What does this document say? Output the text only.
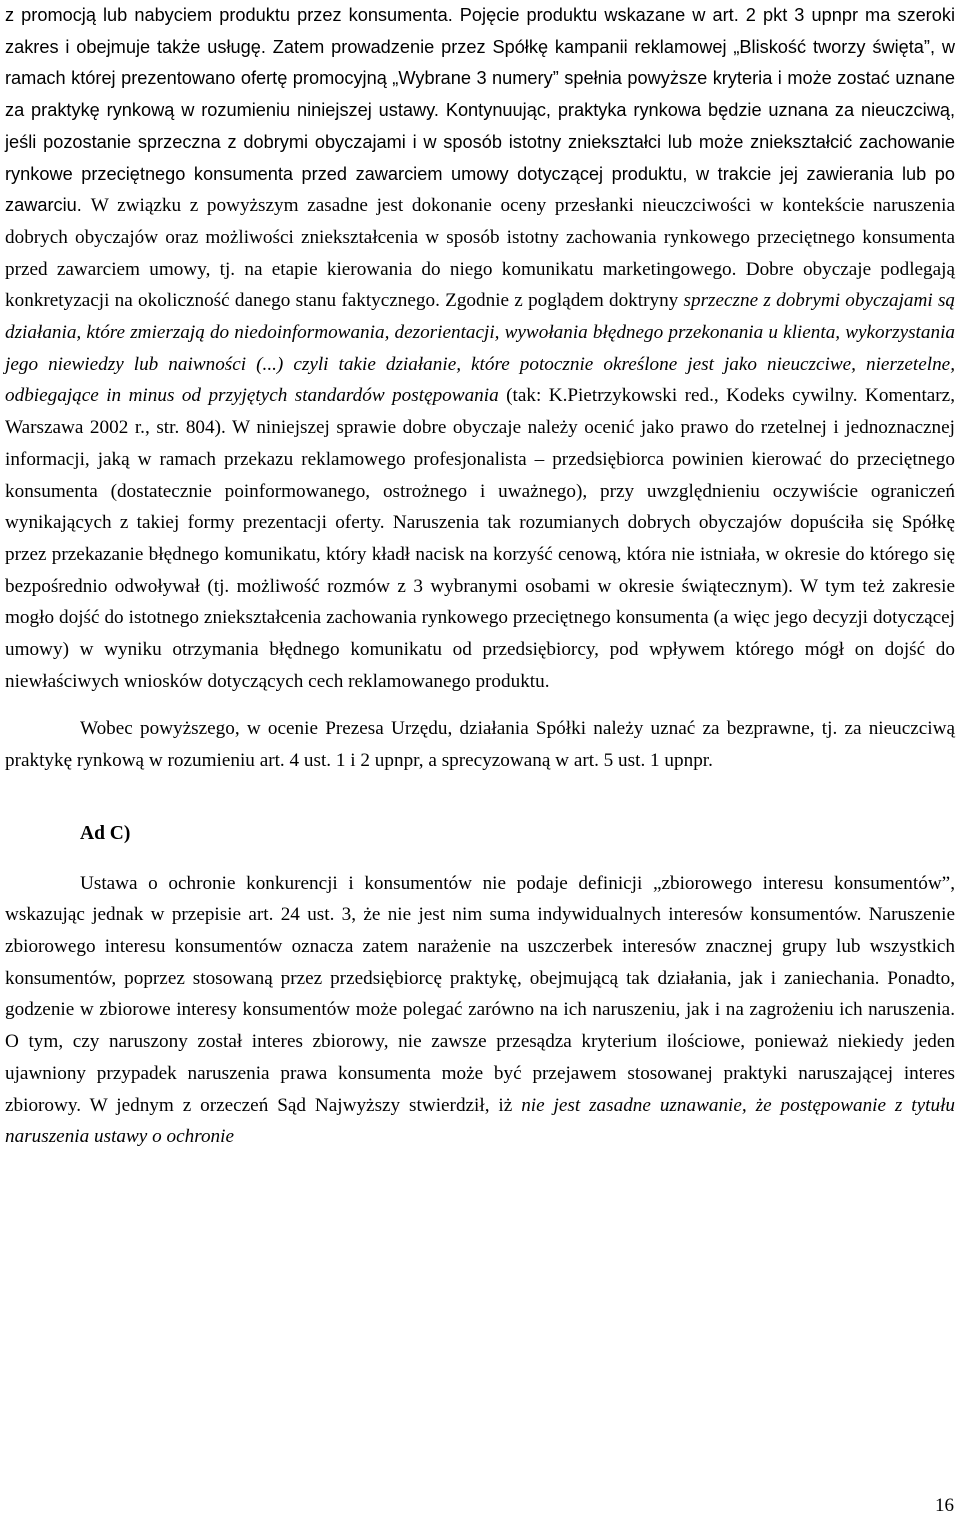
z promocją lub nabyciem produktu przez konsumenta. Pojęcie produktu wskazane w art. 2 pkt 3 upnpr ma szeroki zakres i obejmuje także usługę. Zatem prowadzenie przez Spółkę kampanii reklamowej „Bliskość tworzy święta”, w ramach której prezentowano ofertę promocyjną „Wybrane 3 numery” spełnia powyższe kryteria i może zostać uznane za praktykę rynkową w rozumieniu niniejszej ustawy. Kontynuując, praktyka rynkowa będzie uznana za nieuczciwą, jeśli pozostanie sprzeczna z dobrymi obyczajami i w sposób istotny zniekształci lub może zniekształcić zachowanie rynkowe przeciętnego konsumenta przed zawarciem umowy dotyczącej produktu, w trakcie jej zawierania lub po zawarciu. W związku z powyższym zasadne jest dokonanie oceny przesłanki nieuczciwości w kontekście naruszenia dobrych obyczajów oraz możliwości zniekształcenia w sposób istotny zachowania rynkowego przeciętnego konsumenta przed zawarciem umowy, tj. na etapie kierowania do niego komunikatu marketingowego. Dobre obyczaje podlegają konkretyzacji na okoliczność danego stanu faktycznego. Zgodnie z poglądem doktryny sprzeczne z dobrymi obyczajami są działania, które zmierzają do niedoinformowania, dezorientacji, wywołania błędnego przekonania u klienta, wykorzystania jego niewiedzy lub naiwności (...) czyli takie działanie, które potocznie określone jest jako nieuczciwe, nierzetelne, odbiegające in minus od przyjętych standardów postępowania (tak: K.Pietrzykowski red., Kodeks cywilny. Komentarz, Warszawa 2002 r., str. 804). W niniejszej sprawie dobre obyczaje należy ocenić jako prawo do rzetelnej i jednoznacznej informacji, jaką w ramach przekazu reklamowego profesjonalista – przedsiębiorca powinien kierować do przeciętnego konsumenta (dostatecznie poinformowanego, ostrożnego i uważnego), przy uwzględnieniu oczywiście ograniczeń wynikających z takiej formy prezentacji oferty. Naruszenia tak rozumianych dobrych obyczajów dopuściła się Spółkę przez przekazanie błędnego komunikatu, który kładł nacisk na korzyść cenową, która nie istniała, w okresie do którego się bezpośrednio odwoływał (tj. możliwość rozmów z 3 wybranymi osobami w okresie świątecznym). W tym też zakresie mogło dojść do istotnego zniekształcenia zachowania rynkowego przeciętnego konsumenta (a więc jego decyzji dotyczącej umowy) w wyniku otrzymania błędnego komunikatu od przedsiębiorcy, pod wpływem którego mógł on dojść do niewłaściwych wniosków dotyczących cech reklamowanego produktu.

Wobec powyższego, w ocenie Prezesa Urzędu, działania Spółki należy uznać za bezprawne, tj. za nieuczciwą praktykę rynkową w rozumieniu art. 4 ust. 1 i 2 upnpr, a sprecyzowaną w art. 5 ust. 1 upnpr.

Ad C)

Ustawa o ochronie konkurencji i konsumentów nie podaje definicji „zbiorowego interesu konsumentów”, wskazując jednak w przepisie art. 24 ust. 3, że nie jest nim suma indywidualnych interesów konsumentów. Naruszenie zbiorowego interesu konsumentów oznacza zatem narażenie na uszczerbek interesów znacznej grupy lub wszystkich konsumentów, poprzez stosowaną przez przedsiębiorcę praktykę, obejmującą tak działania, jak i zaniechania. Ponadto, godzenie w zbiorowe interesy konsumentów może polegać zarówno na ich naruszeniu, jak i na zagrożeniu ich naruszenia. O tym, czy naruszony został interes zbiorowy, nie zawsze przesądza kryterium ilościowe, ponieważ niekiedy jeden ujawniony przypadek naruszenia prawa konsumenta może być przejawem stosowanej praktyki naruszającej interes zbiorowy. W jednym z orzeczeń Sąd Najwyższy stwierdził, iż nie jest zasadne uznawanie, że postępowanie z tytułu naruszenia ustawy o ochronie

16
